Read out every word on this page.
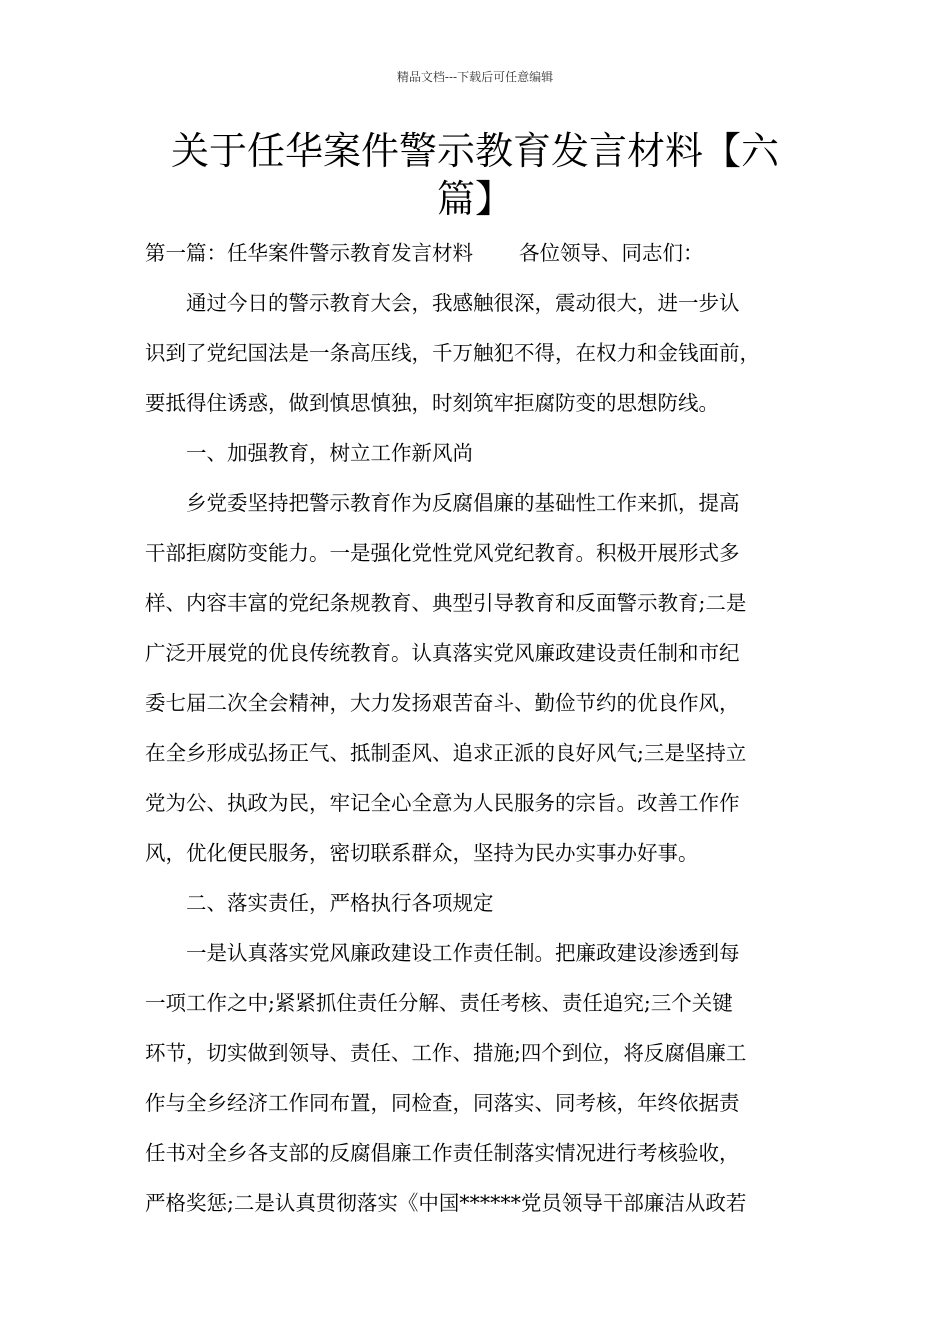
精品文档---下载后可任意编辑
关于任华案件警示教育发言材料【六
篇】
第一篇：任华案件警示教育发言材料 各位领导、同志们：
　　通过今日的警示教育大会，我感触很深，震动很大，进一步认
识到了党纪国法是一条高压线，千万触犯不得，在权力和金钱面前，
要抵得住诱惑，做到慎思慎独，时刻筑牢拒腐防变的思想防线。
　　一、加强教育，树立工作新风尚
　　乡党委坚持把警示教育作为反腐倡廉的基础性工作来抓，提高
干部拒腐防变能力。一是强化党性党风党纪教育。积极开展形式多
样、内容丰富的党纪条规教育、典型引导教育和反面警示教育;二是
广泛开展党的优良传统教育。认真落实党风廉政建设责任制和市纪
委七届二次全会精神，大力发扬艰苦奋斗、勤俭节约的优良作风，
在全乡形成弘扬正气、抵制歪风、追求正派的良好风气;三是坚持立
党为公、执政为民，牢记全心全意为人民服务的宗旨。改善工作作
风，优化便民服务，密切联系群众，坚持为民办实事办好事。
　　二、落实责任，严格执行各项规定
　　一是认真落实党风廉政建设工作责任制。把廉政建设渗透到每
一项工作之中;紧紧抓住责任分解、责任考核、责任追究;三个关键
环节，切实做到领导、责任、工作、措施;四个到位，将反腐倡廉工
作与全乡经济工作同布置，同检查，同落实、同考核，年终依据责
任书对全乡各支部的反腐倡廉工作责任制落实情况进行考核验收，
严格奖惩;二是认真贯彻落实《中国******党员领导干部廉洁从政若
